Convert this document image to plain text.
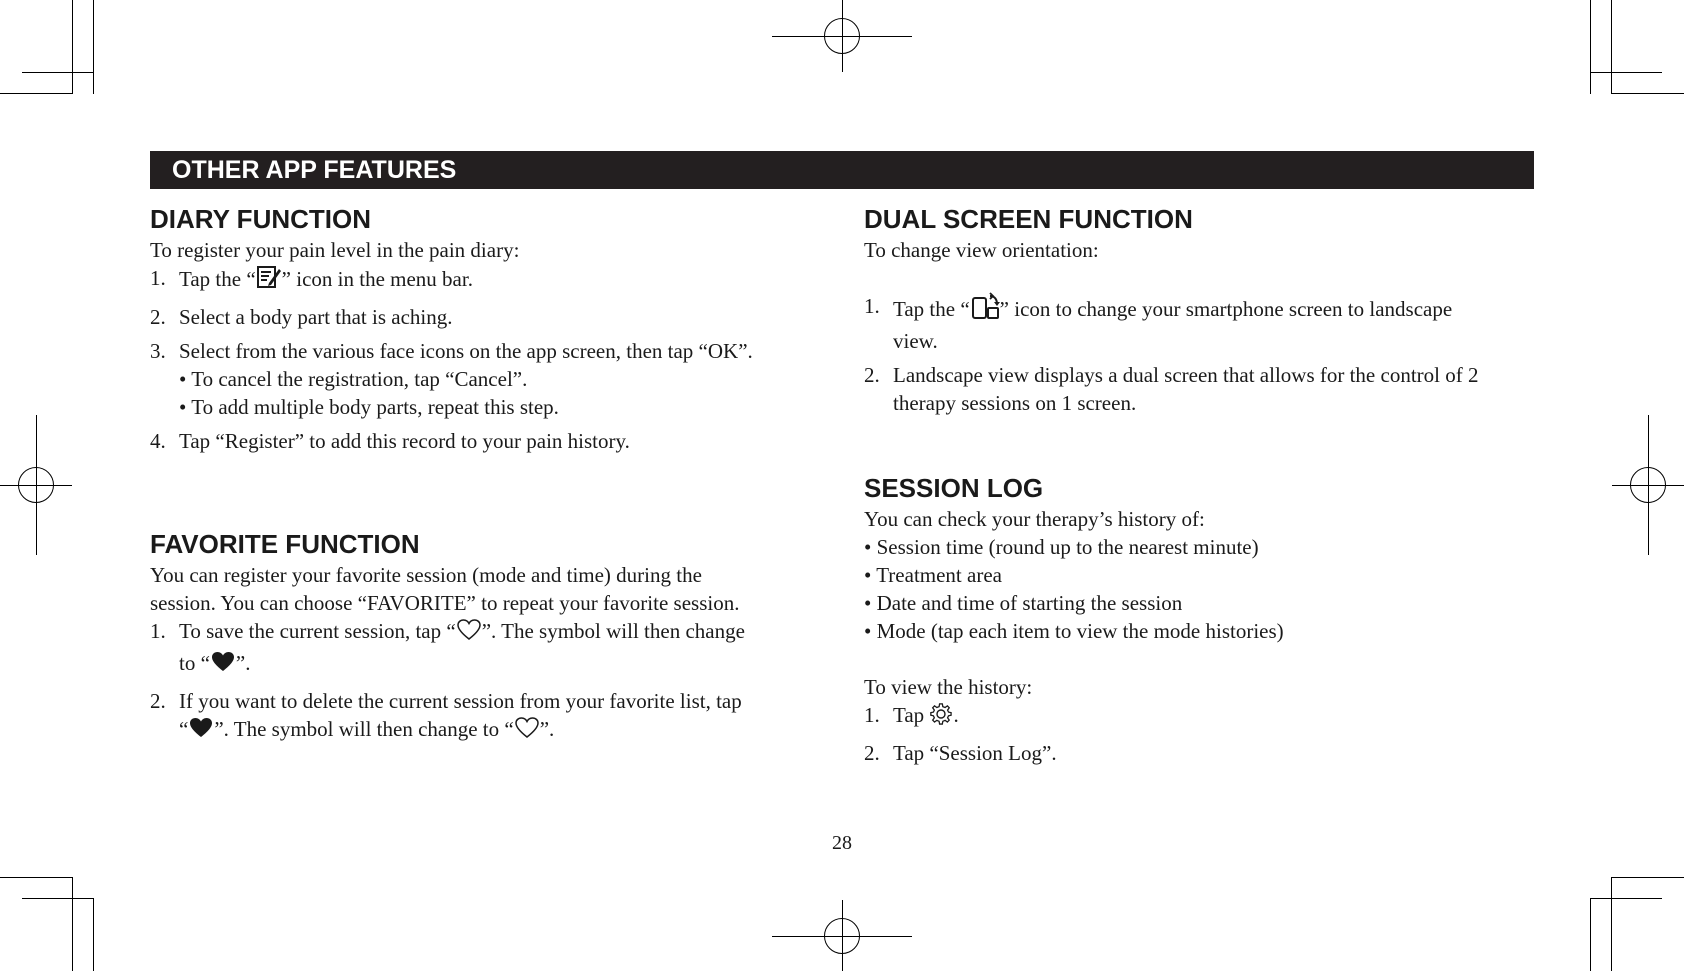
OTHER APP FEATURES
DIARY FUNCTION

To register your pain level in the pain diary:

1. Tap the “ ” icon in the menu bar.
2. Select a body part that is aching.
3. Select from the various face icons on the app screen, then tap “OK”.
• To cancel the registration, tap “Cancel”.
• To add multiple body parts, repeat this step.
4. Tap “Register” to add this record to your pain history.
FAVORITE FUNCTION

You can register your favorite session (mode and time) during the

session. You can choose “FAVORITE” to repeat your favorite session.

1. To save the current session, tap “ ”. The symbol will then change
to “ ”.
2. If you want to delete the current session from your favorite list, tap
“ ”. The symbol will then change to “ ”.
DUAL SCREEN FUNCTION

To change view orientation:

1. Tap the “ ” icon to change your smartphone screen to landscape
view.
2. Landscape view displays a dual screen that allows for the control of 2
therapy sessions on 1 screen.
SESSION LOG

You can check your therapy’s history of:

• Session time (round up to the nearest minute)
• Treatment area
• Date and time of starting the session
• Mode (tap each item to view the mode histories)

To view the history:

1. Tap .
2. Tap “Session Log”.
28
